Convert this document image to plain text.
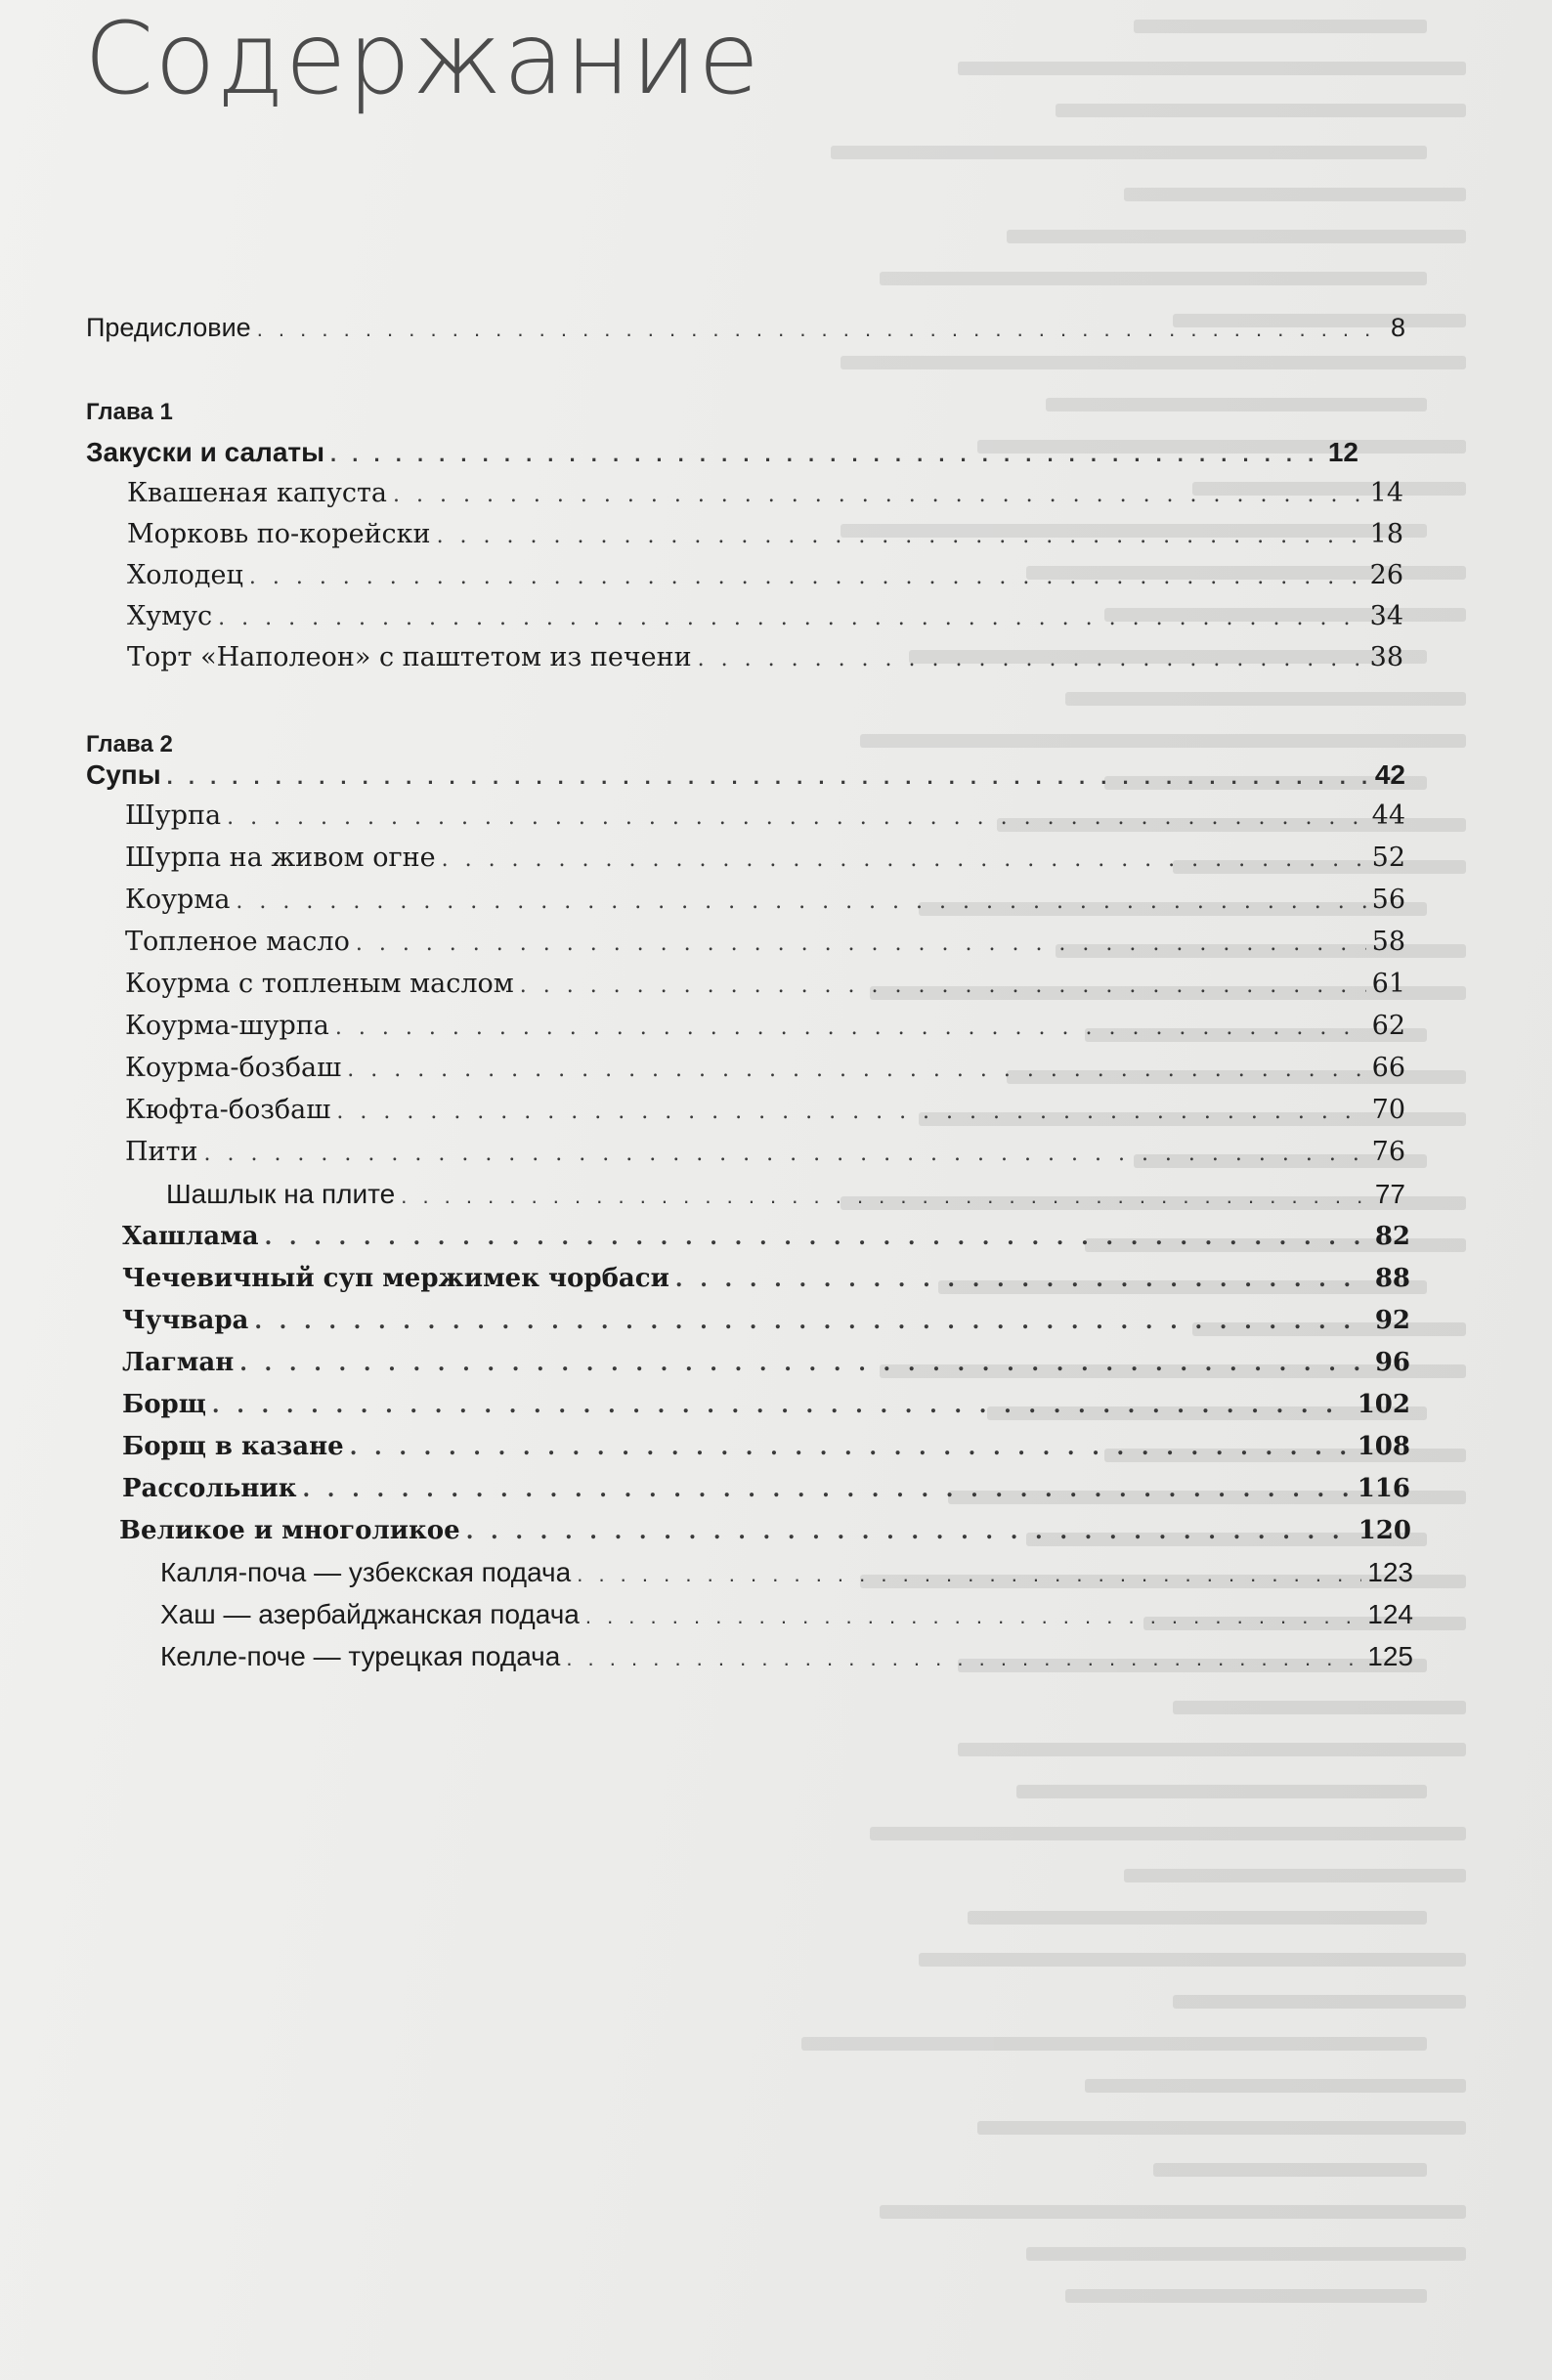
Содержание
Предисловие . . .	8

Глава 1

Закуски и салаты . . .	12
Квашеная капуста . . .	14
Морковь по-корейски . . .	18
Холодец . . .	26
Хумус . . .	34
Торт «Наполеон» с паштетом из печени . . .	38

Глава 2

Супы . . .	42
Шурпа . . .	44
Шурпа на живом огне . . .	52
Коурма . . .	56
Топленое масло . . .	58
Коурма с топленым маслом . . .	61
Коурма-шурпа . . .	62
Коурма-бозбаш . . .	66
Кюфта-бозбаш . . .	70
Пити . . .	76
Шашлык на плите . . .	77
Хашлама . . .	82
Чечевичный суп мержимек чорбаси . . .	88
Чучвара . . .	92
Лагман . . .	96
Борщ . . .	102
Борщ в казане . . .	108
Рассольник . . .	116
Великое и многоликое . . .	120
Калля-поча — узбекская подача . . .	123
Хаш — азербайджанская подача . . .	124
Келле-поче — турецкая подача . . .	125
